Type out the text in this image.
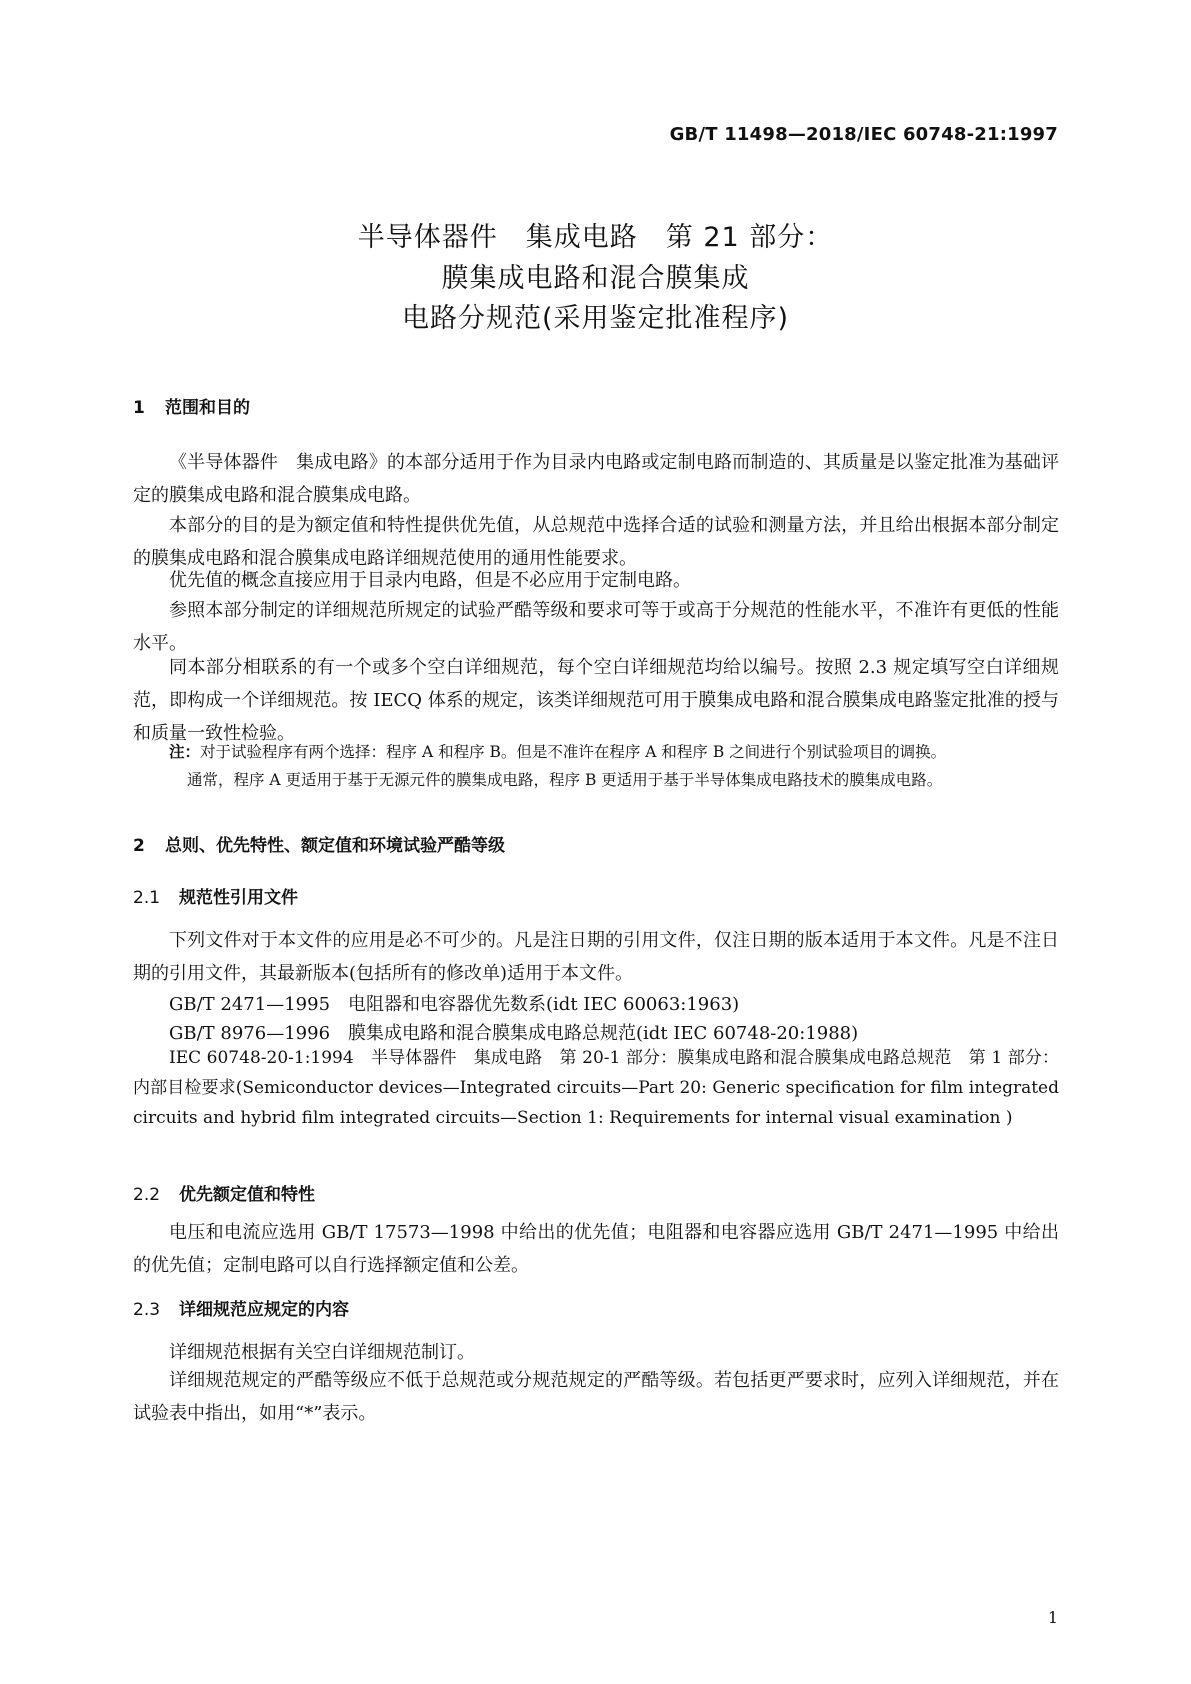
GB/T 11498—2018/IEC 60748-21:1997
半导体器件　集成电路　第 21 部分：
膜集成电路和混合膜集成
电路分规范(采用鉴定批准程序)
1 范围和目的
《半导体器件　集成电路》的本部分适用于作为目录内电路或定制电路而制造的、其质量是以鉴定批准为基础评定的膜集成电路和混合膜集成电路。
本部分的目的是为额定值和特性提供优先值，从总规范中选择合适的试验和测量方法，并且给出根据本部分制定的膜集成电路和混合膜集成电路详细规范使用的通用性能要求。
优先值的概念直接应用于目录内电路，但是不必应用于定制电路。
参照本部分制定的详细规范所规定的试验严酷等级和要求可等于或高于分规范的性能水平，不准许有更低的性能水平。
同本部分相联系的有一个或多个空白详细规范，每个空白详细规范均给以编号。按照 2.3 规定填写空白详细规范，即构成一个详细规范。按 IECQ 体系的规定，该类详细规范可用于膜集成电路和混合膜集成电路鉴定批准的授与和质量一致性检验。
注：对于试验程序有两个选择：程序 A 和程序 B。但是不准许在程序 A 和程序 B 之间进行个别试验项目的调换。
通常，程序 A 更适用于基于无源元件的膜集成电路，程序 B 更适用于基于半导体集成电路技术的膜集成电路。
2 总则、优先特性、额定值和环境试验严酷等级
2.1 规范性引用文件
下列文件对于本文件的应用是必不可少的。凡是注日期的引用文件，仅注日期的版本适用于本文件。凡是不注日期的引用文件，其最新版本(包括所有的修改单)适用于本文件。
GB/T 2471—1995　电阻器和电容器优先数系(idt IEC 60063:1963)
GB/T 8976—1996　膜集成电路和混合膜集成电路总规范(idt IEC 60748-20:1988)
IEC 60748-20-1:1994　半导体器件　集成电路　第 20-1 部分：膜集成电路和混合膜集成电路总规范　第 1 部分：内部目检要求(Semiconductor devices—Integrated circuits—Part 20: Generic specification for film integrated circuits and hybrid film integrated circuits—Section 1: Requirements for internal visual examination )
2.2 优先额定值和特性
电压和电流应选用 GB/T 17573—1998 中给出的优先值；电阻器和电容器应选用 GB/T 2471—1995 中给出的优先值；定制电路可以自行选择额定值和公差。
2.3 详细规范应规定的内容
详细规范根据有关空白详细规范制订。
详细规范规定的严酷等级应不低于总规范或分规范规定的严酷等级。若包括更严要求时，应列入详细规范，并在试验表中指出，如用“*”表示。
1
